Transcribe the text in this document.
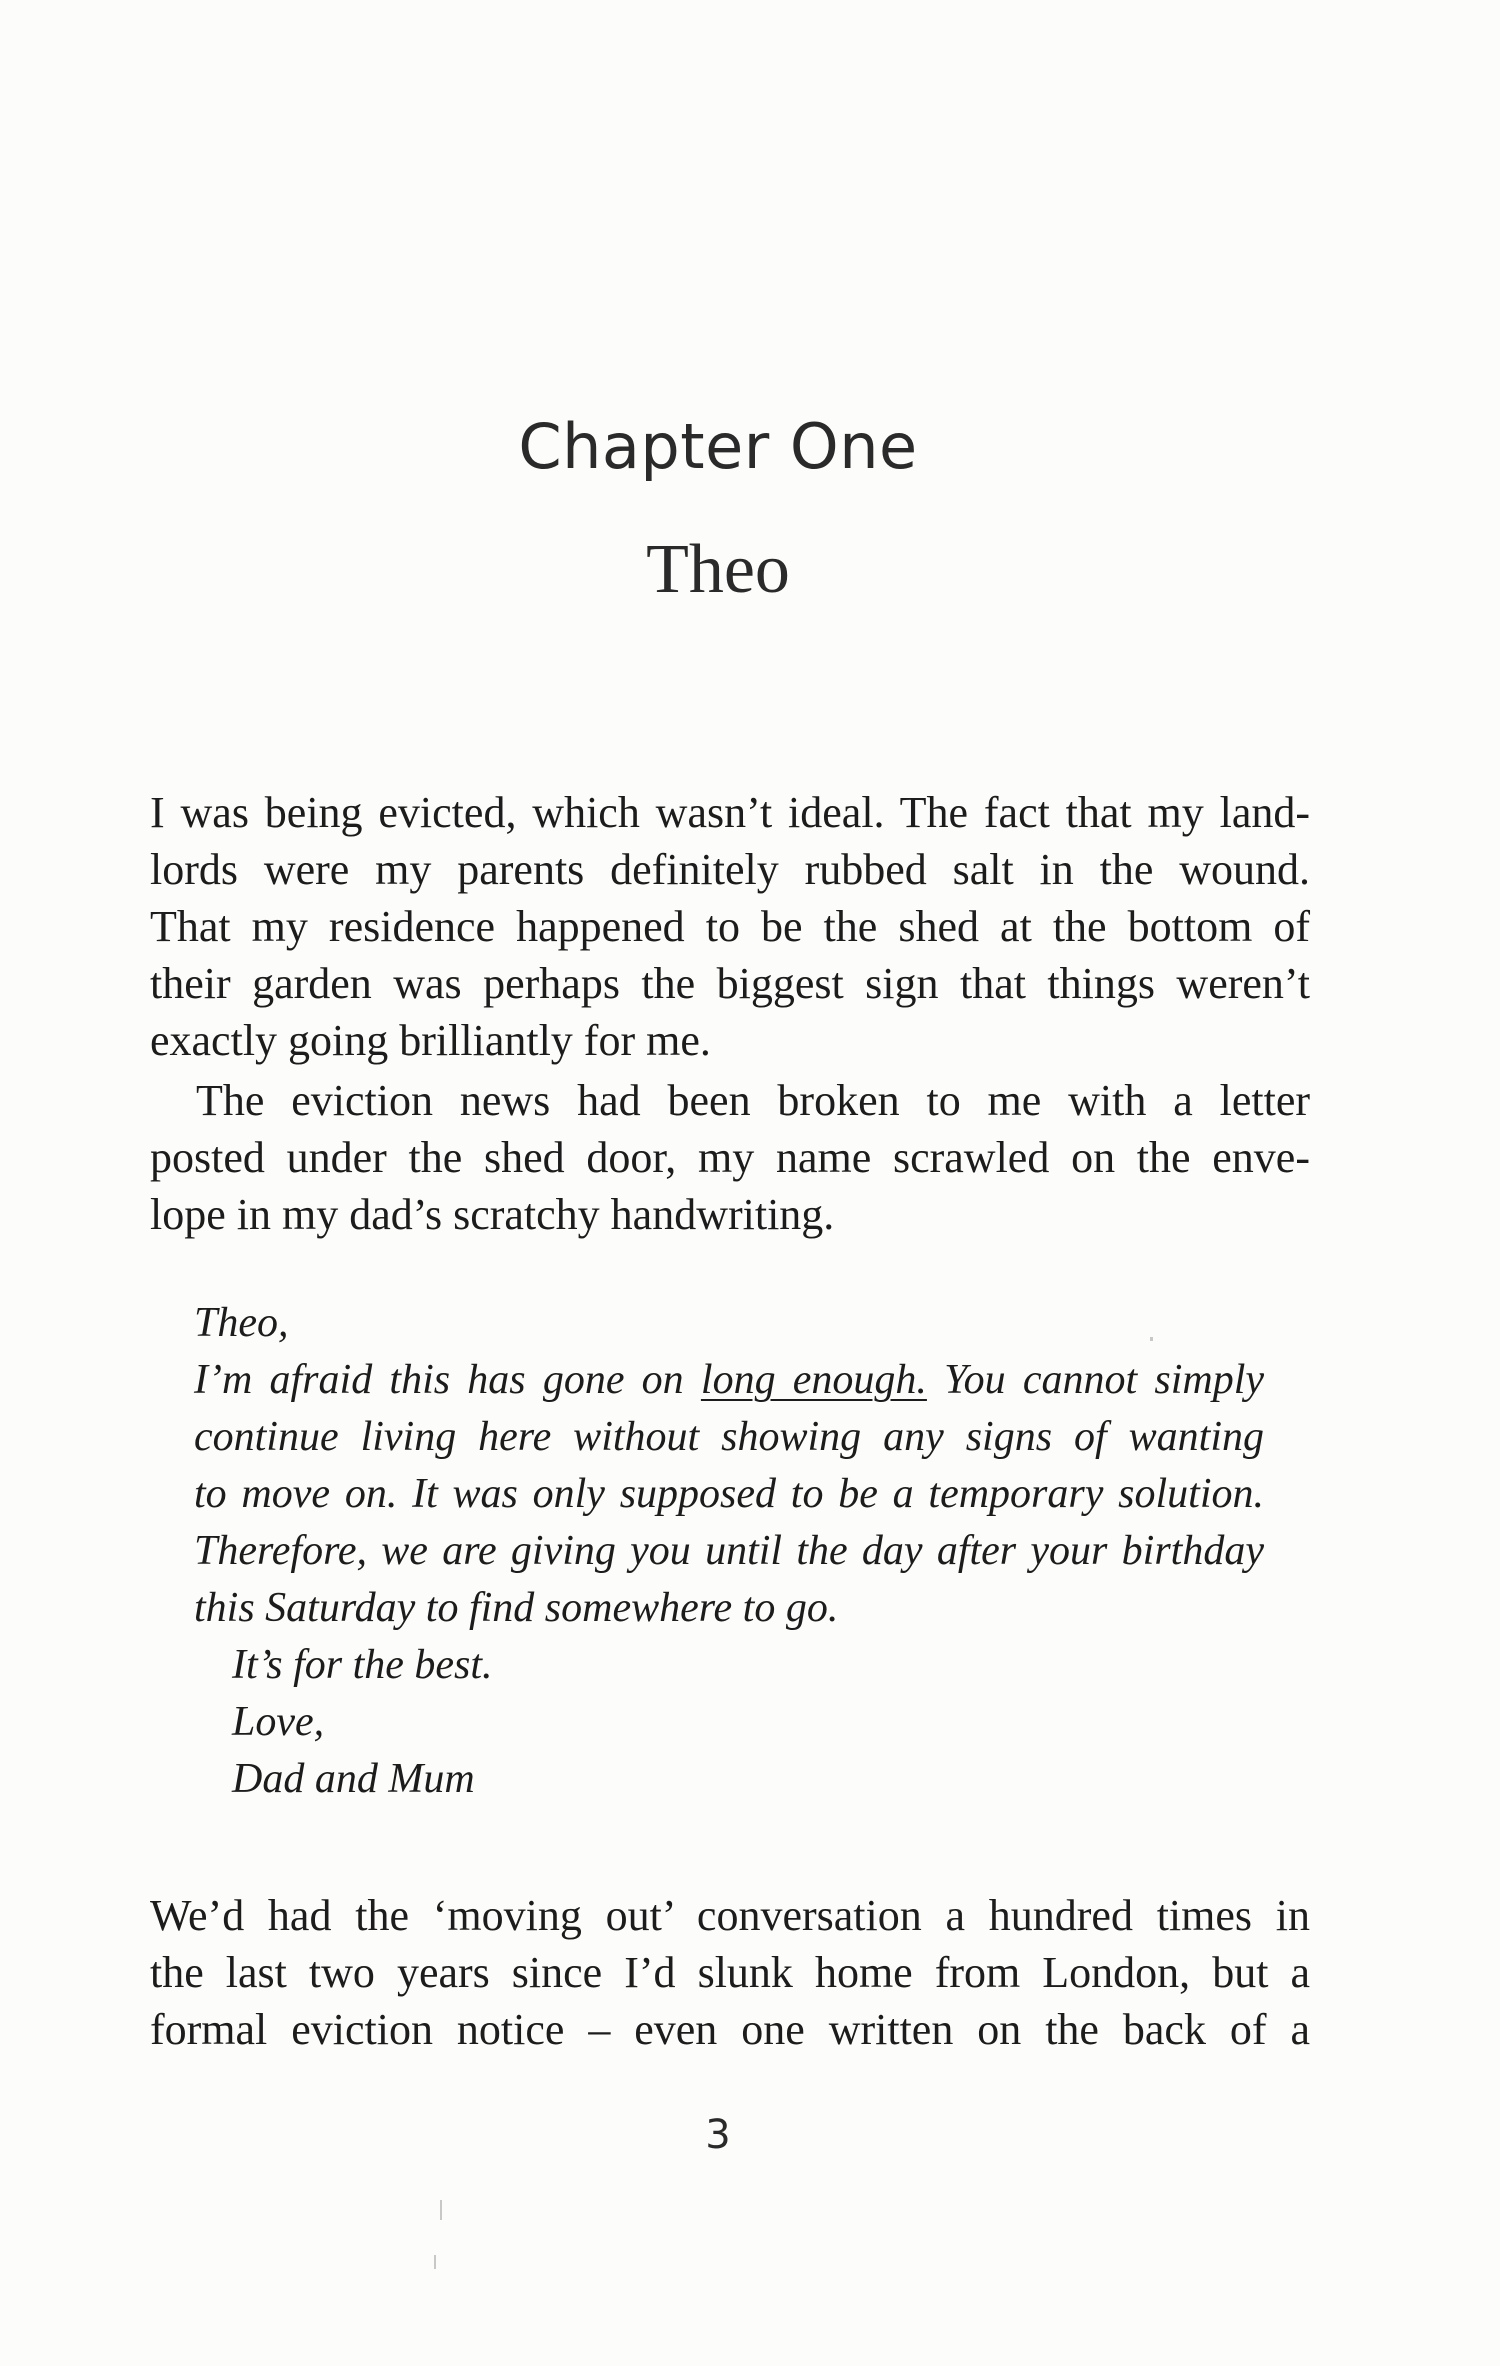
Chapter One
Theo
I was being evicted, which wasn’t ideal. The fact that my land-
lords were my parents definitely rubbed salt in the wound.
That my residence happened to be the shed at the bottom of
their garden was perhaps the biggest sign that things weren’t
exactly going brilliantly for me.
The eviction news had been broken to me with a letter
posted under the shed door, my name scrawled on the enve-
lope in my dad’s scratchy handwriting.
Theo,
I’m afraid this has gone on long enough. You cannot simply
continue living here without showing any signs of wanting
to move on. It was only supposed to be a temporary solution.
Therefore, we are giving you until the day after your birthday
this Saturday to find somewhere to go.
It’s for the best.
Love,
Dad and Mum
We’d had the ‘moving out’ conversation a hundred times in
the last two years since I’d slunk home from London, but a
formal eviction notice – even one written on the back of a
3
